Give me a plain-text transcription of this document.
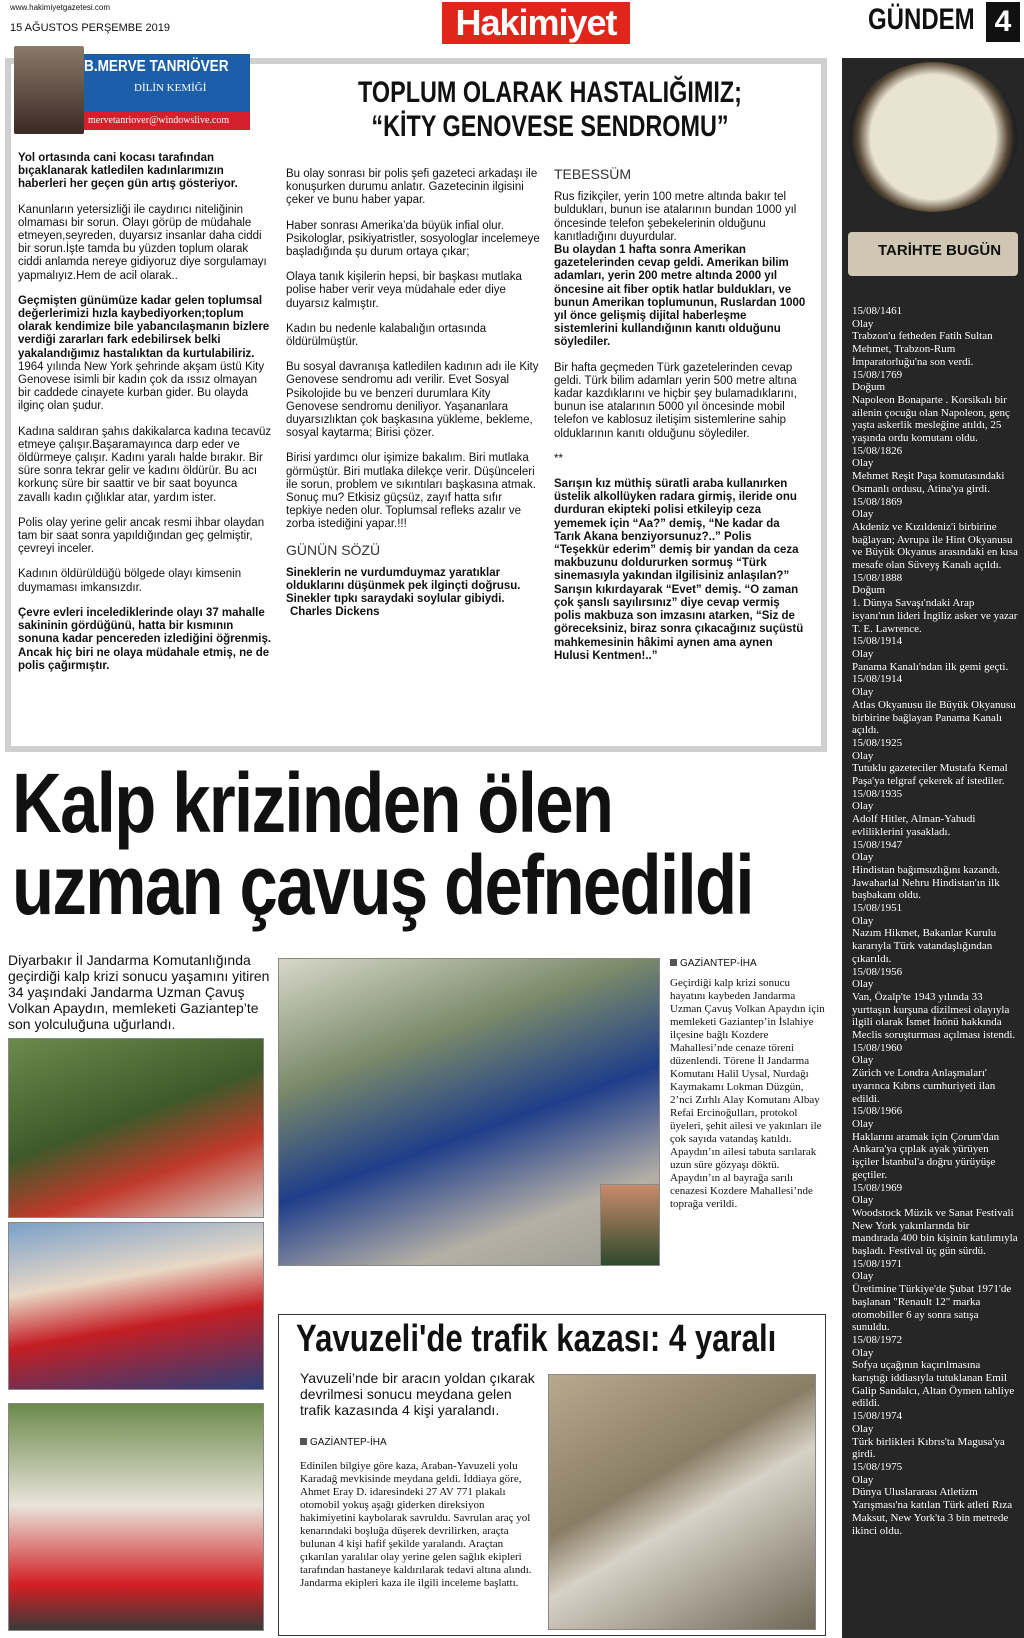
www.hakimiyetgazetesi.com
15 AĞUSTOS PERŞEMBE 2019	Hakimiyet	GÜNDEM 4
B.MERVE TANRIÖVER
DİLİN KEMİĞİ
mervetanriover@windowslive.com
TOPLUM OLARAK HASTALIĞIMIZ;
“KİTY GENOVESE SENDROMU”

Yol ortasında cani kocası tarafından bıçaklanarak katledilen kadınlarımızın haberleri her geçen gün artış gösteriyor.

Kanunların yetersizliği ile caydırıcı niteliğinin olmaması bir sorun. Olayı görüp de müdahale etmeyen,seyreden, duyarsız insanlar daha ciddi bir sorun.İşte tamda bu yüzden toplum olarak ciddi anlamda nereye gidiyoruz diye sorgulamayı yapmalıyız.Hem de acil olarak..

Geçmişten günümüze kadar gelen toplumsal değerlerimizi hızla kaybediyorken;toplum olarak kendimize bile yabancılaşmanın bizlere verdiği zararları fark edebilirsek belki yakalandığımız hastalıktan da kurtulabiliriz.

1964 yılında New York şehrinde akşam üstü Kity Genovese isimli bir kadın çok da ıssız olmayan bir caddede cinayete kurban gider. Bu olayda ilginç olan şudur.

Kadına saldıran şahıs dakikalarca kadına tecavüz etmeye çalışır.Başaramayınca darp eder ve öldürmeye çalışır. Kadını yaralı halde bırakır. Bir süre sonra tekrar gelir ve kadını öldürür. Bu acı korkunç süre bir saattir ve bir saat boyunca zavallı kadın çığlıklar atar, yardım ister.

Polis olay yerine gelir ancak resmi ihbar olaydan tam bir saat sonra yapıldığından geç gelmiştir, çevreyi inceler.

Kadının öldürüldüğü bölgede olayı kimsenin duymaması imkansızdır.

Çevre evleri incelediklerinde olayı 37 mahalle sakininin gördüğünü, hatta bir kısmının sonuna kadar pencereden izlediğini öğrenmiş. Ancak hiç biri ne olaya müdahale etmiş, ne de polis çağırmıştır.

Bu olay sonrası bir polis şefi gazeteci arkadaşı ile konuşurken durumu anlatır. Gazetecinin ilgisini çeker ve bunu haber yapar.

Haber sonrası Amerika’da büyük infial olur. Psikologlar, psikiyatristler, sosyologlar incelemeye başladığında şu durum ortaya çıkar;

Olaya tanık kişilerin hepsi, bir başkası mutlaka polise haber verir veya müdahale eder diye duyarsız kalmıştır.

Kadın bu nedenle kalabalığın ortasında öldürülmüştür.

Bu sosyal davranışa katledilen kadının adı ile Kity Genovese sendromu adı verilir. Evet Sosyal Psikolojide bu ve benzeri durumlara Kity Genovese sendromu deniliyor. Yaşananlara duyarsızlıktan çok başkasına yükleme, bekleme, sosyal kaytarma; Birisi çözer.

Birisi yardımcı olur işimize bakalım. Biri mutlaka görmüştür. Biri mutlaka dilekçe verir. Düşünceleri ile sorun, problem ve sıkıntıları başkasına atmak. Sonuç mu? Etkisiz güçsüz, zayıf hatta sıfır tepkiye neden olur. Toplumsal refleks azalır ve zorba istediğini yapar.!!!

GÜNÜN SÖZÜ

Sineklerin ne vurdumduymaz yaratıklar olduklarını düşünmek pek ilginçti doğrusu. Sinekler tıpkı saraydaki soylular gibiydi.

Charles Dickens

TEBESSÜM

Rus fizikçiler, yerin 100 metre altında bakır tel buldukları, bunun ise atalarının bundan 1000 yıl öncesinde telefon şebekelerinin olduğunu kanıtladığını duyurdular.

Bu olaydan 1 hafta sonra Amerikan gazetelerinden cevap geldi. Amerikan bilim adamları, yerin 200 metre altında 2000 yıl öncesine ait fiber optik hatlar buldukları, ve bunun Amerikan toplumunun, Ruslardan 1000 yıl önce gelişmiş dijital haberleşme sistemlerini kullandığının kanıtı olduğunu söylediler.

Bir hafta geçmeden Türk gazetelerinden cevap geldi. Türk bilim adamları yerin 500 metre altına kadar kazdıklarını ve hiçbir şey bulamadıklarını, bunun ise atalarının 5000 yıl öncesinde mobil telefon ve kablosuz iletişim sistemlerine sahip olduklarının kanıtı olduğunu söylediler.

**

Sarışın kız müthiş süratli araba kullanırken üstelik alkollüyken radara girmiş, ileride onu durduran ekipteki polisi etkileyip ceza yememek için “Aa?” demiş, “Ne kadar da Tarık Akana benziyorsunuz?..” Polis “Teşekkür ederim” demiş bir yandan da ceza makbuzunu doldururken sormuş “Türk sinemasıyla yakından ilgilisiniz anlaşılan?” Sarışın kıkırdayarak “Evet” demiş. “O zaman çok şanslı sayılırsınız” diye cevap vermiş polis makbuza son imzasını atarken, “Siz de göreceksiniz, biraz sonra çıkacağınız suçüstü mahkemesinin hâkimi aynen ama aynen Hulusi Kentmen!..”

Kalp krizinden ölen
uzman çavuş defnedildi
Diyarbakır İl Jandarma Komutanlığında geçirdiği kalp krizi sonucu yaşamını yitiren 34 yaşındaki Jandarma Uzman Çavuş Volkan Apaydın, memleketi Gaziantep’te son yolculuğuna uğurlandı.
GAZİANTEP-İHA
Geçirdiği kalp krizi sonucu hayatını kaybeden Jandarma Uzman Çavuş Volkan Apaydın için memleketi Gaziantep’in İslahiye ilçesine bağlı Kozdere Mahallesi’nde cenaze töreni düzenlendi. Törene İl Jandarma Komutanı Halil Uysal, Nurdağı Kaymakamı Lokman Düzgün, 2’nci Zırhlı Alay Komutanı Albay Refai Ercinoğulları, protokol üyeleri, şehit ailesi ve yakınları ile çok sayıda vatandaş katıldı. Apaydın’ın ailesi tabuta sarılarak uzun süre gözyaşı döktü. Apaydın’ın al bayrağa sarılı cenazesi Kozdere Mahallesi’nde toprağa verildi.
Yavuzeli'de trafik kazası: 4 yaralı
Yavuzeli’nde bir aracın yoldan çıkarak devrilmesi sonucu meydana gelen trafik kazasında 4 kişi yaralandı.
GAZİANTEP-İHA
Edinilen bilgiye göre kaza, Araban-Yavuzeli yolu Karadağ mevkisinde meydana geldi. İddiaya göre, Ahmet Eray D. idaresindeki 27 AV 771 plakalı otomobil yokuş aşağı giderken direksiyon hakimiyetini kaybolarak savruldu. Savrulan araç yol kenarındaki boşluğa düşerek devrilirken, araçta bulunan 4 kişi hafif şekilde yaralandı. Araçtan çıkarılan yaralılar olay yerine gelen sağlık ekipleri tarafından hastaneye kaldırılarak tedavi altına alındı. Jandarma ekipleri kaza ile ilgili inceleme başlattı.
TARİHTE BUGÜN
15/08/1461
Olay
Trabzon'u fetheden Fatih Sultan Mehmet, Trabzon-Rum İmparatorluğu'na son verdi.
15/08/1769
Doğum
Napoleon Bonaparte . Korsikalı bir ailenin çocuğu olan Napoleon, genç yaşta askerlik mesleğine atıldı, 25 yaşında ordu komutanı oldu.
15/08/1826
Olay
Mehmet Reşit Paşa komutasındaki Osmanlı ordusu, Atina'ya girdi.
15/08/1869
Olay
Akdeniz ve Kızıldeniz'i birbirine bağlayan; Avrupa ile Hint Okyanusu ve Büyük Okyanus arasındaki en kısa mesafe olan Süveyş Kanalı açıldı.
15/08/1888
Doğum
1. Dünya Savaşı'ndaki Arap isyanı'nın lideri İngiliz asker ve yazar T. E. Lawrence.
15/08/1914
Olay
Panama Kanalı'ndan ilk gemi geçti.
15/08/1914
Olay
Atlas Okyanusu ile Büyük Okyanusu birbirine bağlayan Panama Kanalı açıldı.
15/08/1925
Olay
Tutuklu gazeteciler Mustafa Kemal Paşa'ya telgraf çekerek af istediler.
15/08/1935
Olay
Adolf Hitler, Alman-Yahudi evliliklerini yasakladı.
15/08/1947
Olay
Hindistan bağımsızlığını kazandı. Jawaharlal Nehru Hindistan'ın ilk başbakanı oldu.
15/08/1951
Olay
Nazım Hikmet, Bakanlar Kurulu kararıyla Türk vatandaşlığından çıkarıldı.
15/08/1956
Olay
Van, Özalp'te 1943 yılında 33 yurttaşın kurşuna dizilmesi olayıyla ilgili olarak İsmet İnönü hakkında Meclis soruşturması açılması istendi.
15/08/1960
Olay
Zürich ve Londra Anlaşmaları' uyarınca Kıbrıs cumhuriyeti ilan edildi.
15/08/1966
Olay
Haklarını aramak için Çorum'dan Ankara'ya çıplak ayak yürüyen işçiler İstanbul'a doğru yürüyüşe geçtiler.
15/08/1969
Olay
Woodstock Müzik ve Sanat Festivali New York yakınlarında bir mandırada 400 bin kişinin katılımıyla başladı. Festival üç gün sürdü.
15/08/1971
Olay
Üretimine Türkiye'de Şubat 1971'de başlanan "Renault 12" marka otomobiller 6 ay sonra satışa sunuldu.
15/08/1972
Olay
Sofya uçağının kaçırılmasına karıştığı iddiasıyla tutuklanan Emil Galip Sandalcı, Altan Öymen tahliye edildi.
15/08/1974
Olay
Türk birlikleri Kıbrıs'ta Magusa'ya girdi.
15/08/1975
Olay
Dünya Uluslararası Atletizm Yarışması'na katılan Türk atleti Rıza Maksut, New York'ta 3 bin metrede ikinci oldu.
